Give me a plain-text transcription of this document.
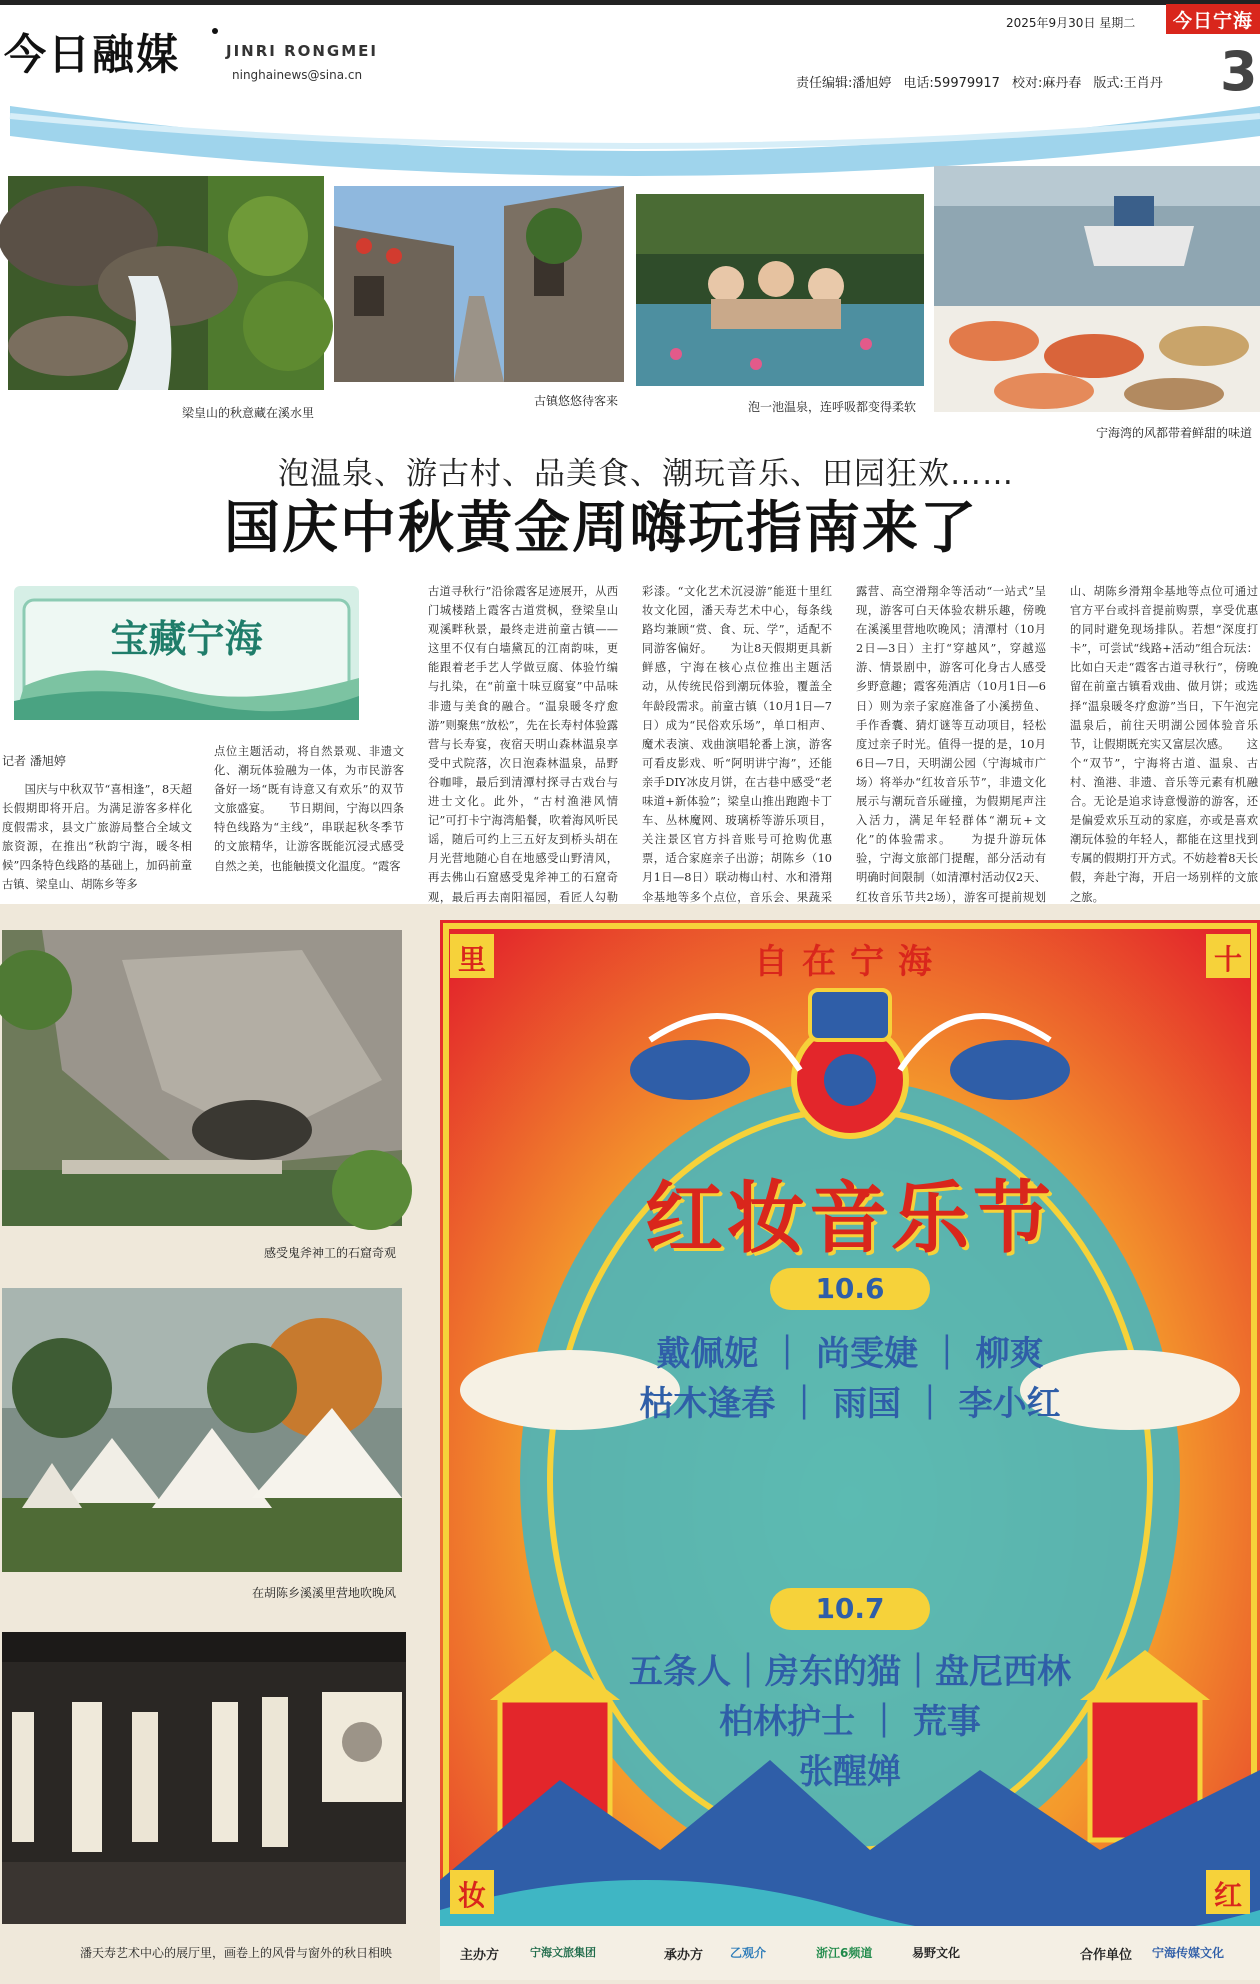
今日融媒	JINRI RONGMEI
ninghainews@sina.cn
2025年9月30日 星期二	今日宁海
3
责任编辑:潘旭婷 电话:59979917 校对:麻丹春 版式:王肖丹
梁皇山的秋意藏在溪水里
古镇悠悠待客来	泡一池温泉，连呼吸都变得柔软
宁海湾的风都带着鲜甜的味道
泡温泉、游古村、品美食、潮玩音乐、田园狂欢……
国庆中秋黄金周嗨玩指南来了
宝藏宁海
记者 潘旭婷
国庆与中秋双节“喜相逢”，8天超长假期即将开启。为满足游客多样化度假需求，县文广旅游局整合全域文旅资源，在推出“秋韵宁海，暖冬相候”四条特色线路的基础上，加码前童古镇、梁皇山、胡陈乡等多
点位主题活动，将自然景观、非遗文化、潮玩体验融为一体，为市民游客备好一场“既有诗意又有欢乐”的双节文旅盛宴。　　节日期间，宁海以四条特色线路为“主线”，串联起秋冬季节的文旅精华，让游客既能沉浸式感受自然之美，也能触摸文化温度。“霞客
古道寻秋行”沿徐霞客足迹展开，从西门城楼踏上霞客古道赏枫，登梁皇山观溪畔秋景，最终走进前童古镇——这里不仅有白墙黛瓦的江南韵味，更能跟着老手艺人学做豆腐、体验竹编与扎染，在“前童十味豆腐宴”中品味非遗与美食的融合。“温泉暖冬疗愈游”则聚焦“放松”，先在长寿村体验露营与长寿宴，夜宿天明山森林温泉享受中式院落，次日泡森林温泉，品野谷咖啡，最后到清潭村探寻古戏台与进士文化。此外，“古村渔港风情记”可打卡宁海湾船餐，吹着海风听民谣，随后可约上三五好友到桥头胡在月光营地随心自在地感受山野清风，再去佛山石窟感受鬼斧神工的石窟奇观，最后再去南阳福园，看匠人勾勒
彩漆。“文化艺术沉浸游”能逛十里红妆文化园，潘天寿艺术中心，每条线路均兼顾“赏、食、玩、学”，适配不同游客偏好。　　为让8天假期更具新鲜感，宁海在核心点位推出主题活动，从传统民俗到潮玩体验，覆盖全年龄段需求。前童古镇（10月1日—7日）成为“民俗欢乐场”，单口相声、魔术表演、戏曲演唱轮番上演，游客可看皮影戏、听“阿明讲宁海”，还能亲手DIY冰皮月饼，在古巷中感受“老味道+新体验”；梁皇山推出跑跑卡丁车、丛林魔网、玻璃桥等游乐项目，关注景区官方抖音账号可抢购优惠票，适合家庭亲子出游；胡陈乡（10月1日—8日）联动梅山村、水和滑翔伞基地等多个点位，音乐会、果蔬采
露营、高空滑翔伞等活动“一站式”呈现，游客可白天体验农耕乐趣，傍晚在溪溪里营地吹晚风；清潭村（10月2日—3日）主打“穿越风”，穿越巡游、情景剧中，游客可化身古人感受乡野意趣；霞客苑酒店（10月1日—6日）则为亲子家庭准备了小溪捞鱼、手作香囊、猜灯谜等互动项目，轻松度过亲子时光。值得一提的是，10月6日—7日，天明湖公园（宁海城市广场）将举办“红妆音乐节”，非遗文化展示与潮玩音乐碰撞，为假期尾声注入活力，满足年轻群体“潮玩+文化”的体验需求。　　为提升游玩体验，宁海文旅部门提醒，部分活动有明确时间限制（如清潭村活动仅2天、红妆音乐节共2场），游客可提前规划
山、胡陈乡滑翔伞基地等点位可通过官方平台或抖音提前购票，享受优惠的同时避免现场排队。若想“深度打卡”，可尝试“线路+活动”组合玩法：比如白天走“霞客古道寻秋行”，傍晚留在前童古镇看戏曲、做月饼；或选择“温泉暖冬疗愈游”当日，下午泡完温泉后，前往天明湖公园体验音乐节，让假期既充实又富层次感。　　这个“双节”，宁海将古道、温泉、古村、渔港、非遗、音乐等元素有机融合。无论是追求诗意慢游的游客，还是偏爱欢乐互动的家庭，亦或是喜欢潮玩体验的年轻人，都能在这里找到专属的假期打开方式。不妨趁着8天长假，奔赴宁海，开启一场别样的文旅之旅。
感受鬼斧神工的石窟奇观
在胡陈乡溪溪里营地吹晚风
潘天寿艺术中心的展厅里，画卷上的风骨与窗外的秋日相映
里	十
妆	红
自在宁海
红妆音乐节
10.6
戴佩妮 ｜ 尚雯婕 ｜ 柳爽
枯木逢春 ｜ 雨国 ｜ 李小红
10.7
五条人｜房东的猫｜盘尼西林
柏林护士 ｜ 荒事
张醒婵
主办方	宁海文旅集团	承办方 乙观介	浙江6频道	易野文化	合作单位 宁海传媒文化
